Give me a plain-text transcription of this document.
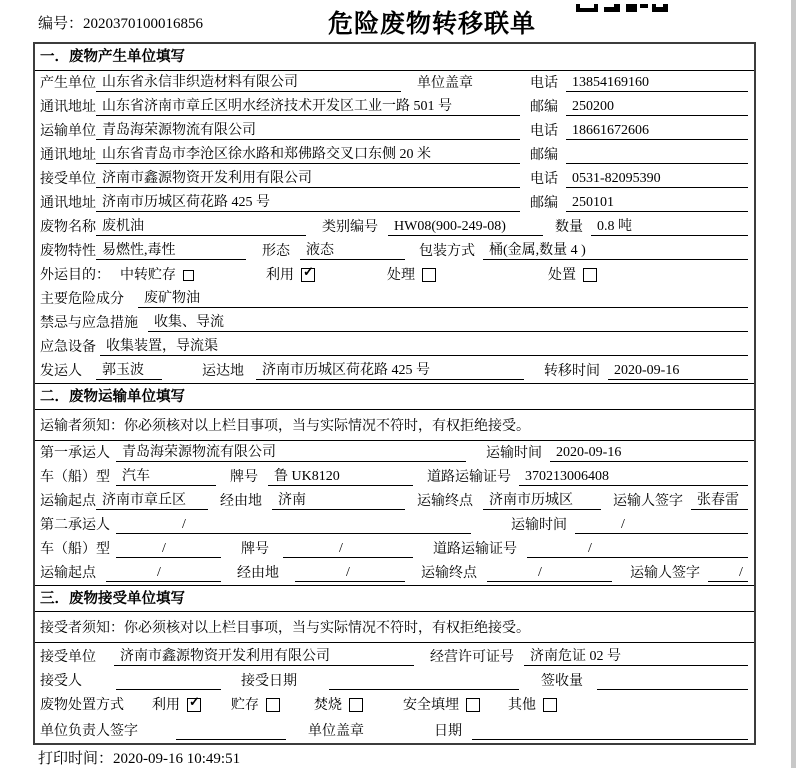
编号：2020370100016856	危险废物转移联单
一．废物产生单位填写
产生单位 山东省永信非织造材料有限公司	单位盖章	电话	13854169160
通讯地址 山东省济南市章丘区明水经济技术开发区工业一路 501 号	邮编	250200
运输单位 青岛海荣源物流有限公司	电话	18661672606
通讯地址 山东省青岛市李沧区徐水路和郑佛路交叉口东侧 20 米	邮编
接受单位 济南市鑫源物资开发利用有限公司	电话	0531-82095390
通讯地址 济南市历城区荷花路 425 号	邮编	250101
废物名称 废机油	类别编号	HW08(900-249-08)	数量	0.8 吨
废物特性 易燃性,毒性	形态	液态	包装方式	桶(金属,数量 4 )
外运目的： 中转贮存	利用 ✓	处理	处置
主要危险成分	废矿物油
禁忌与应急措施	收集、导流
应急设备 收集装置，导流渠
发运人	郭玉波	运达地	济南市历城区荷花路 425 号	转移时间	2020-09-16
二．废物运输单位填写
运输者须知：你必须核对以上栏目事项，当与实际情况不符时，有权拒绝接受。
第一承运人 青岛海荣源物流有限公司	运输时间	2020-09-16
车（船）型 汽车	牌号	鲁 UK8120	道路运输证号	370213006408
运输起点 济南市章丘区	经由地	济南	运输终点	济南市历城区	运输人签字	张春雷
第二承运人	/	运输时间	/
车（船）型	/	牌号	/	道路运输证号	/
运输起点	/	经由地	/	运输终点	/	运输人签字	/
三．废物接受单位填写
接受者须知：你必须核对以上栏目事项，当与实际情况不符时，有权拒绝接受。
接受单位	济南市鑫源物资开发利用有限公司	经营许可证号	济南危证 02 号
接受人	接受日期	签收量
废物处置方式 利用 ✓ 贮存	焚烧	安全填埋	其他
单位负责人签字	单位盖章	日期
打印时间：2020-09-16 10:49:51
